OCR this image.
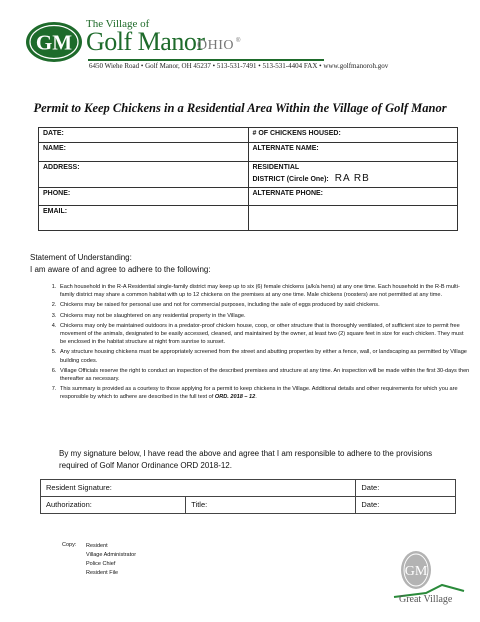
GM
The Village of
Golf Manor
OHIO ®
6450 Wiehe Road • Golf Manor, OH 45237 • 513-531-7491 • 513-531-4404 FAX • www.golfmanoroh.gov
Permit to Keep Chickens in a Residential Area Within the Village of Golf Manor
DATE:	# OF CHICKENS HOUSED:
NAME:	ALTERNATE NAME:
ADDRESS:	RESIDENTIAL
DISTRICT (Circle One): RA RB

PHONE:	ALTERNATE PHONE:
EMAIL:	
Statement of Understanding:
I am aware of and agree to adhere to the following:
1. Each household in the R-A Residential single-family district may keep up to six (6) female chickens (a/k/a hens) at any one time. Each household in the R-B multi-family district may share a common habitat with up to 12 chickens on the premises at any one time. Male chickens (roosters) are not permitted at any time.
2. Chickens may be raised for personal use and not for commercial purposes, including the sale of eggs produced by said chickens.
3. Chickens may not be slaughtered on any residential property in the Village.
4. Chickens may only be maintained outdoors in a predator-proof chicken house, coop, or other structure that is thoroughly ventilated, of sufficient size to permit free movement of the animals, designated to be easily accessed, cleaned, and maintained by the owner, at least two (2) square feet in size for each chicken. They must be enclosed in the habitat structure at night from sunrise to sunset.
5. Any structure housing chickens must be appropriately screened from the street and abutting properties by either a fence, wall, or landscaping as permitted by Village building codes.
6. Village Officials reserve the right to conduct an inspection of the described premises and structure at any time. An inspection will be made within the first 30-days then thereafter as necessary.
7. This summary is provided as a courtesy to those applying for a permit to keep chickens in the Village. Additional details and other requirements for which you are responsible by which to adhere are described in the full text of ORD. 2018 – 12.
By my signature below, I have read the above and agree that I am responsible to adhere to the provisions required of Golf Manor Ordinance ORD 2018-12.
Resident Signature:		Date:
Authorization:	Title:	Date:
Copy: Resident
Village Administrator
Police Chief
Resident File	GM
Great Village
